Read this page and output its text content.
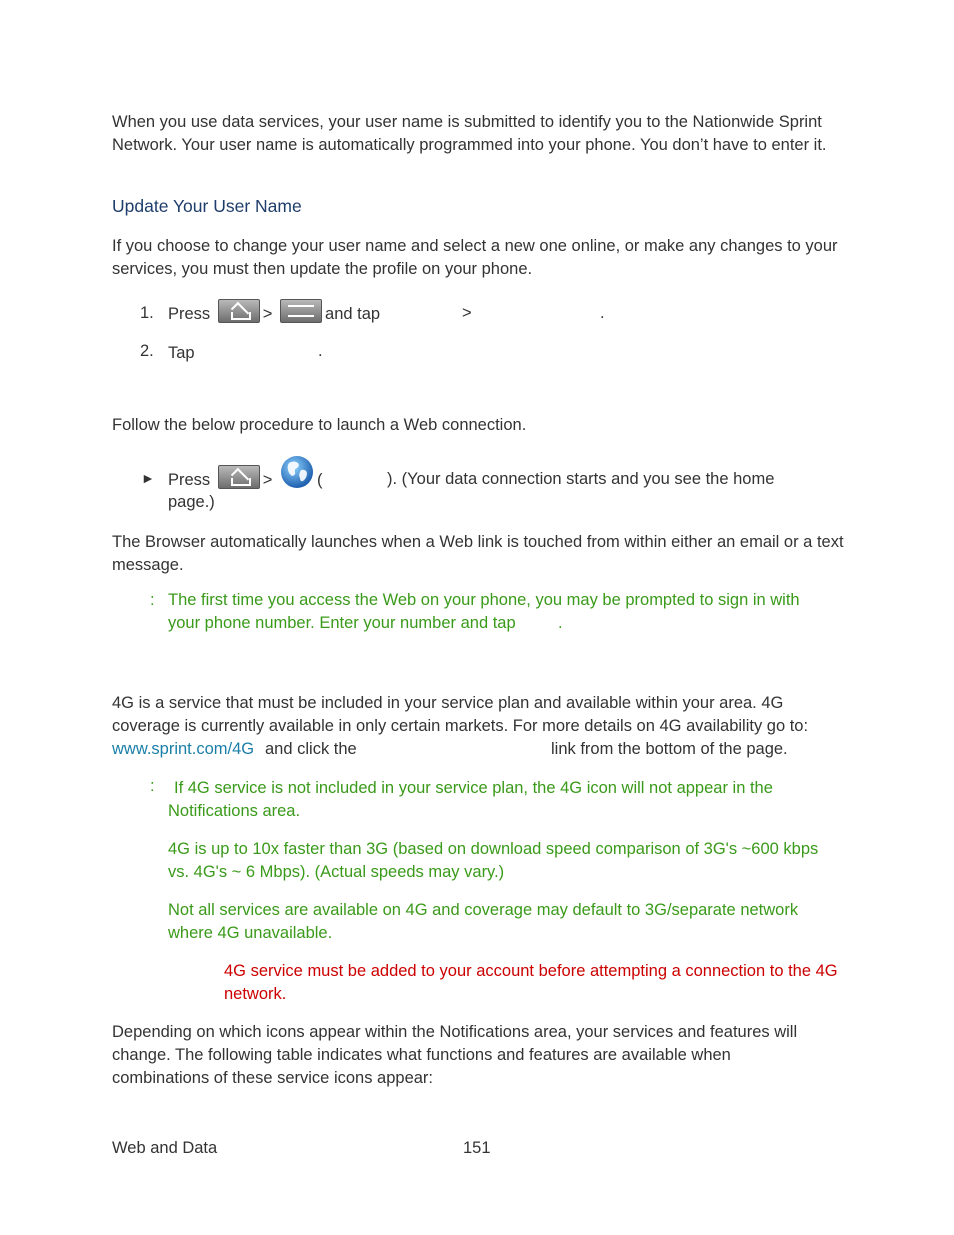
When you use data services, your user name is submitted to identify you to the Nationwide Sprint Network. Your user name is automatically programmed into your phone. You don’t have to enter it.

Update Your User Name

If you choose to change your user name and select a new one online, or make any changes to your services, you must then update the profile on your phone.

1. Press	>	and tap	>	.
2. Tap	.

Follow the below procedure to launch a Web connection.

► Press	>	(	). (Your data connection starts and you see the home
page.)

The Browser automatically launches when a Web link is touched from within either an email or a text message.

: The first time you access the Web on your phone, you may be prompted to sign in with
your phone number. Enter your number and tap	.
4G is a service that must be included in your service plan and available within your area. 4G
coverage is currently available in only certain markets. For more details on 4G availability go to:
www.sprint.com/4G and click the	link from the bottom of the page.
:	If 4G service is not included in your service plan, the 4G icon will not appear in the Notifications area.

4G is up to 10x faster than 3G (based on download speed comparison of 3G's ~600 kbps vs. 4G's ~ 6 Mbps). (Actual speeds may vary.)

Not all services are available on 4G and coverage may default to 3G/separate network where 4G unavailable.

4G service must be added to your account before attempting a connection to the 4G network.

Depending on which icons appear within the Notifications area, your services and features will change. The following table indicates what functions and features are available when combinations of these service icons appear:

Web and Data	151
